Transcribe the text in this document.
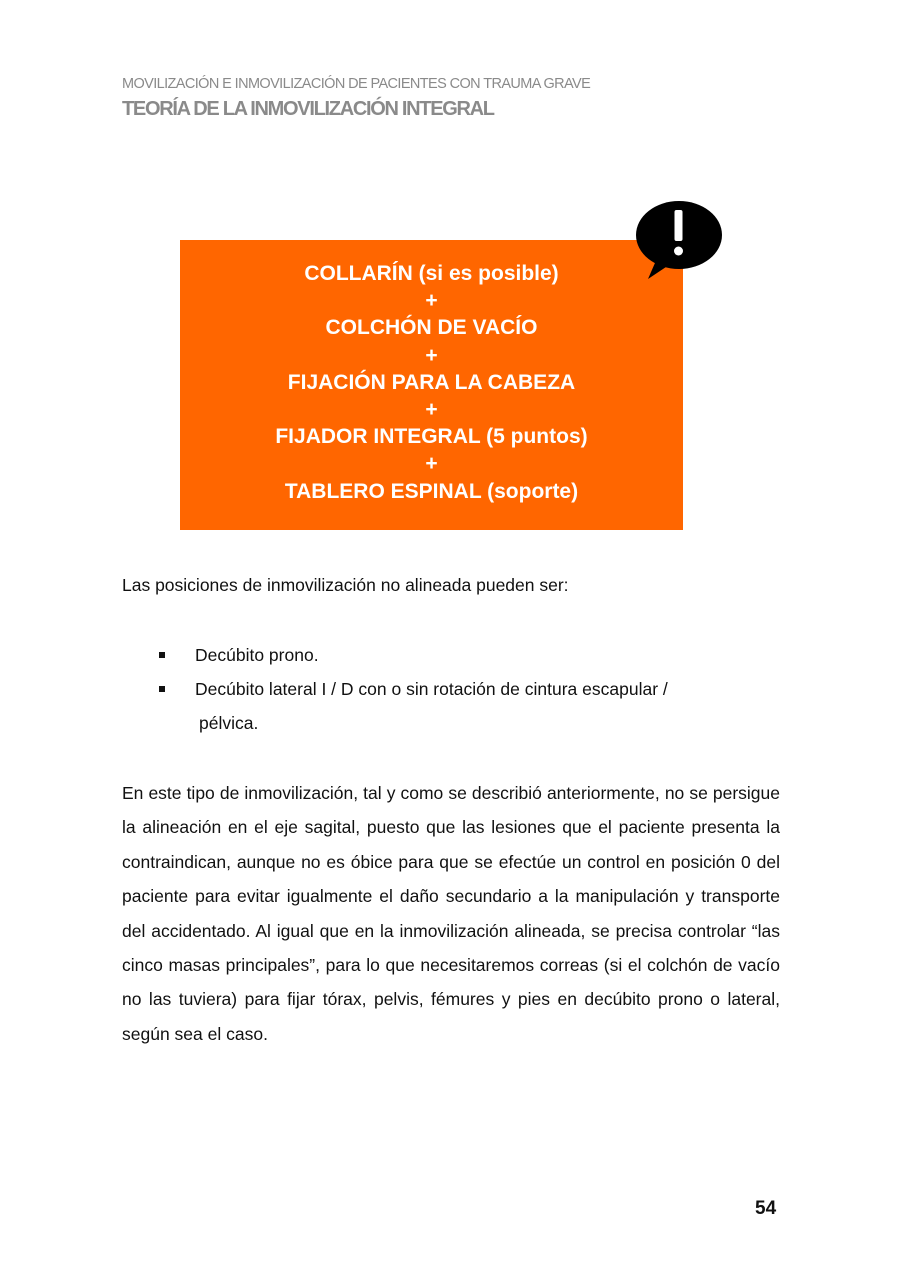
MOVILIZACIÓN E INMOVILIZACIÓN DE PACIENTES CON TRAUMA GRAVE
TEORÍA DE LA INMOVILIZACIÓN INTEGRAL
COLLARÍN (si es posible)
+
COLCHÓN DE VACÍO
+
FIJACIÓN PARA LA CABEZA
+
FIJADOR INTEGRAL (5 puntos)
+
TABLERO ESPINAL (soporte)
Las posiciones de inmovilización no alineada pueden ser:
Decúbito prono.
Decúbito lateral I / D con o sin rotación de cintura escapular /
pélvica.
En este tipo de inmovilización, tal y como se describió anteriormente, no se persigue la alineación en el eje sagital, puesto que las lesiones que el paciente presenta la contraindican, aunque no es óbice para que se efectúe un control en posición 0 del paciente para evitar igualmente el daño secundario a la manipulación y transporte del accidentado. Al igual que en la inmovilización alineada, se precisa controlar “las cinco masas principales”, para lo que necesitaremos correas (si el colchón de vacío no las tuviera) para fijar tórax, pelvis, fémures y pies en decúbito prono o lateral, según sea el caso.
54
